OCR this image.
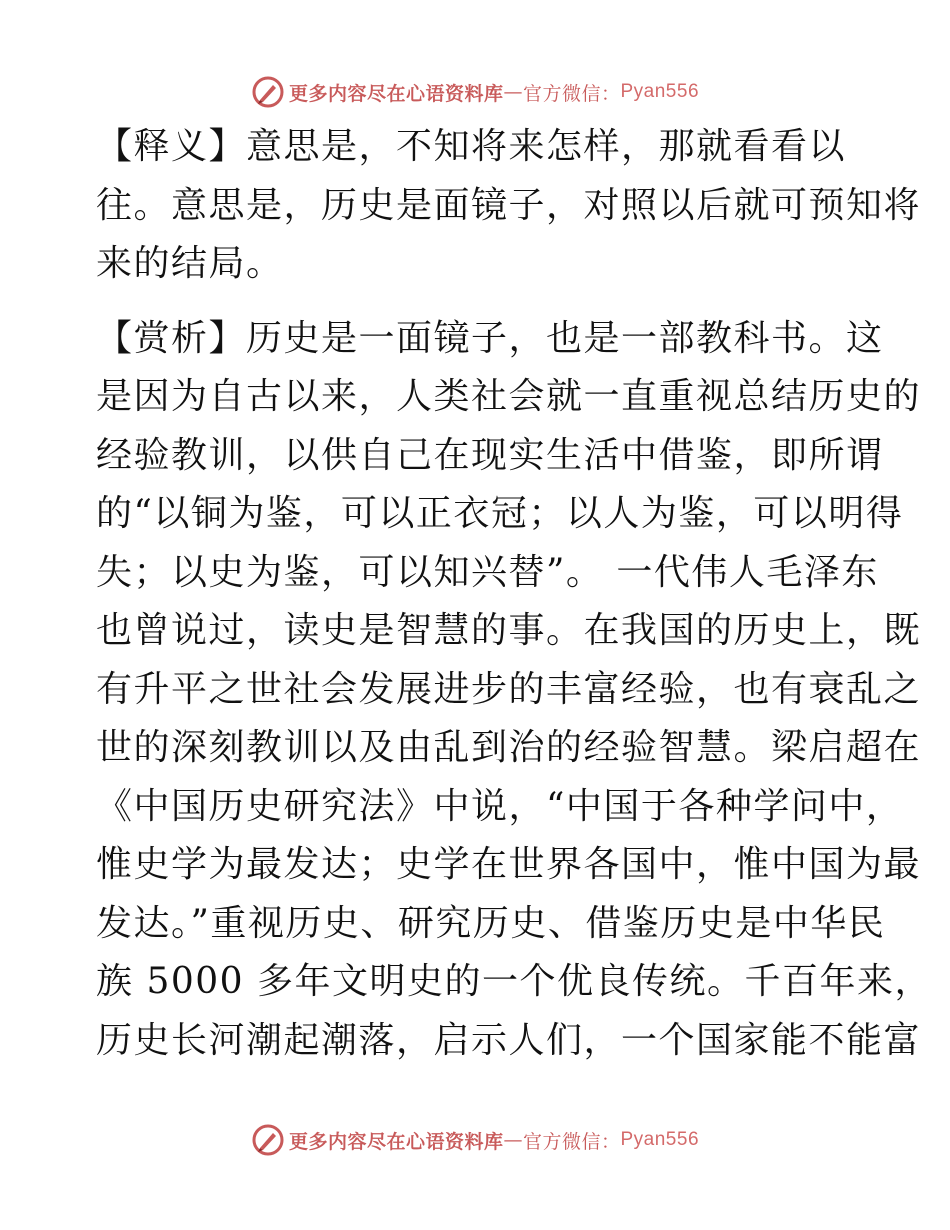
更多内容尽在心语资料库 — 官方微信： Pyan556

【释义】意思是，不知将来怎样，那就看看以
往。意思是，历史是面镜子，对照以后就可预知将
来的结局。

【赏析】历史是一面镜子，也是一部教科书。这
是因为自古以来，人类社会就一直重视总结历史的
经验教训，以供自己在现实生活中借鉴，即所谓
的“以铜为鉴，可以正衣冠；以人为鉴，可以明得
失；以史为鉴，可以知兴替”。 一代伟人毛泽东
也曾说过，读史是智慧的事。在我国的历史上，既
有升平之世社会发展进步的丰富经验，也有衰乱之
世的深刻教训以及由乱到治的经验智慧。梁启超在
《中国历史研究法》中说，“中国于各种学问中，
惟史学为最发达；史学在世界各国中，惟中国为最
发达。”重视历史、研究历史、借鉴历史是中华民
族 5000 多年文明史的一个优良传统。千百年来，
历史长河潮起潮落，启示人们，一个国家能不能富

更多内容尽在心语资料库 — 官方微信： Pyan556
